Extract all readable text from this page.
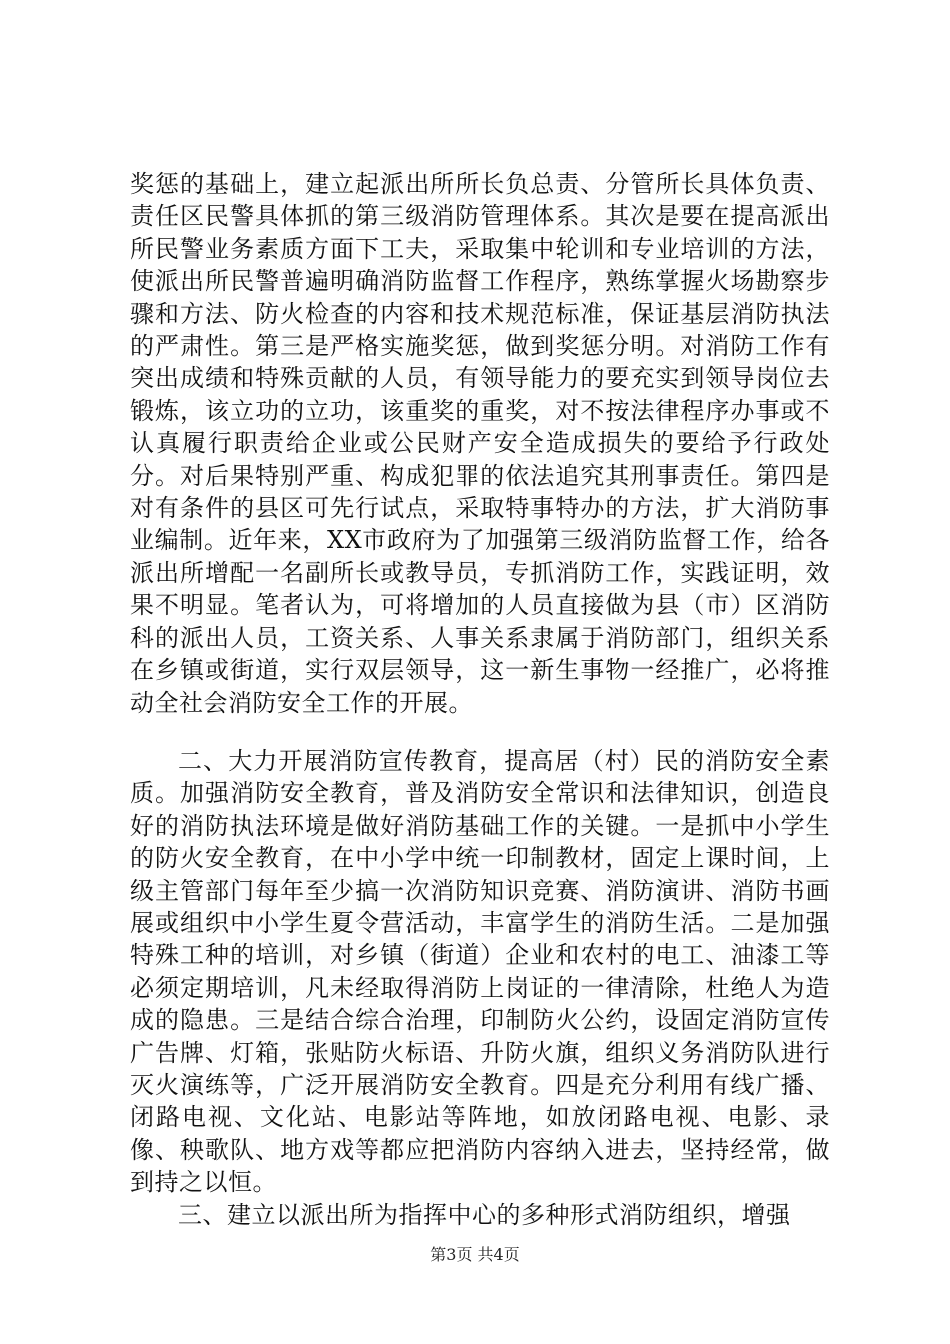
奖惩的基础上，建立起派出所所长负总责、分管所长具体负责、责任区民警具体抓的第三级消防管理体系。其次是要在提高派出所民警业务素质方面下工夫，采取集中轮训和专业培训的方法，使派出所民警普遍明确消防监督工作程序，熟练掌握火场勘察步骤和方法、防火检查的内容和技术规范标准，保证基层消防执法的严肃性。第三是严格实施奖惩，做到奖惩分明。对消防工作有突出成绩和特殊贡献的人员，有领导能力的要充实到领导岗位去锻炼，该立功的立功，该重奖的重奖，对不按法律程序办事或不认真履行职责给企业或公民财产安全造成损失的要给予行政处分。对后果特别严重、构成犯罪的依法追究其刑事责任。第四是对有条件的县区可先行试点，采取特事特办的方法，扩大消防事业编制。近年来，XX市政府为了加强第三级消防监督工作，给各派出所增配一名副所长或教导员，专抓消防工作，实践证明，效果不明显。笔者认为，可将增加的人员直接做为县（市）区消防科的派出人员，工资关系、人事关系隶属于消防部门，组织关系在乡镇或街道，实行双层领导，这一新生事物一经推广，必将推动全社会消防安全工作的开展。

二、大力开展消防宣传教育，提高居（村）民的消防安全素质。加强消防安全教育，普及消防安全常识和法律知识，创造良好的消防执法环境是做好消防基础工作的关键。一是抓中小学生的防火安全教育，在中小学中统一印制教材，固定上课时间，上级主管部门每年至少搞一次消防知识竞赛、消防演讲、消防书画展或组织中小学生夏令营活动，丰富学生的消防生活。二是加强特殊工种的培训，对乡镇（街道）企业和农村的电工、油漆工等必须定期培训，凡未经取得消防上岗证的一律清除，杜绝人为造成的隐患。三是结合综合治理，印制防火公约，设固定消防宣传广告牌、灯箱，张贴防火标语、升防火旗，组织义务消防队进行灭火演练等，广泛开展消防安全教育。四是充分利用有线广播、闭路电视、文化站、电影站等阵地，如放闭路电视、电影、录像、秧歌队、地方戏等都应把消防内容纳入进去，坚持经常，做到持之以恒。

三、建立以派出所为指挥中心的多种形式消防组织，增强

第3页 共4页
